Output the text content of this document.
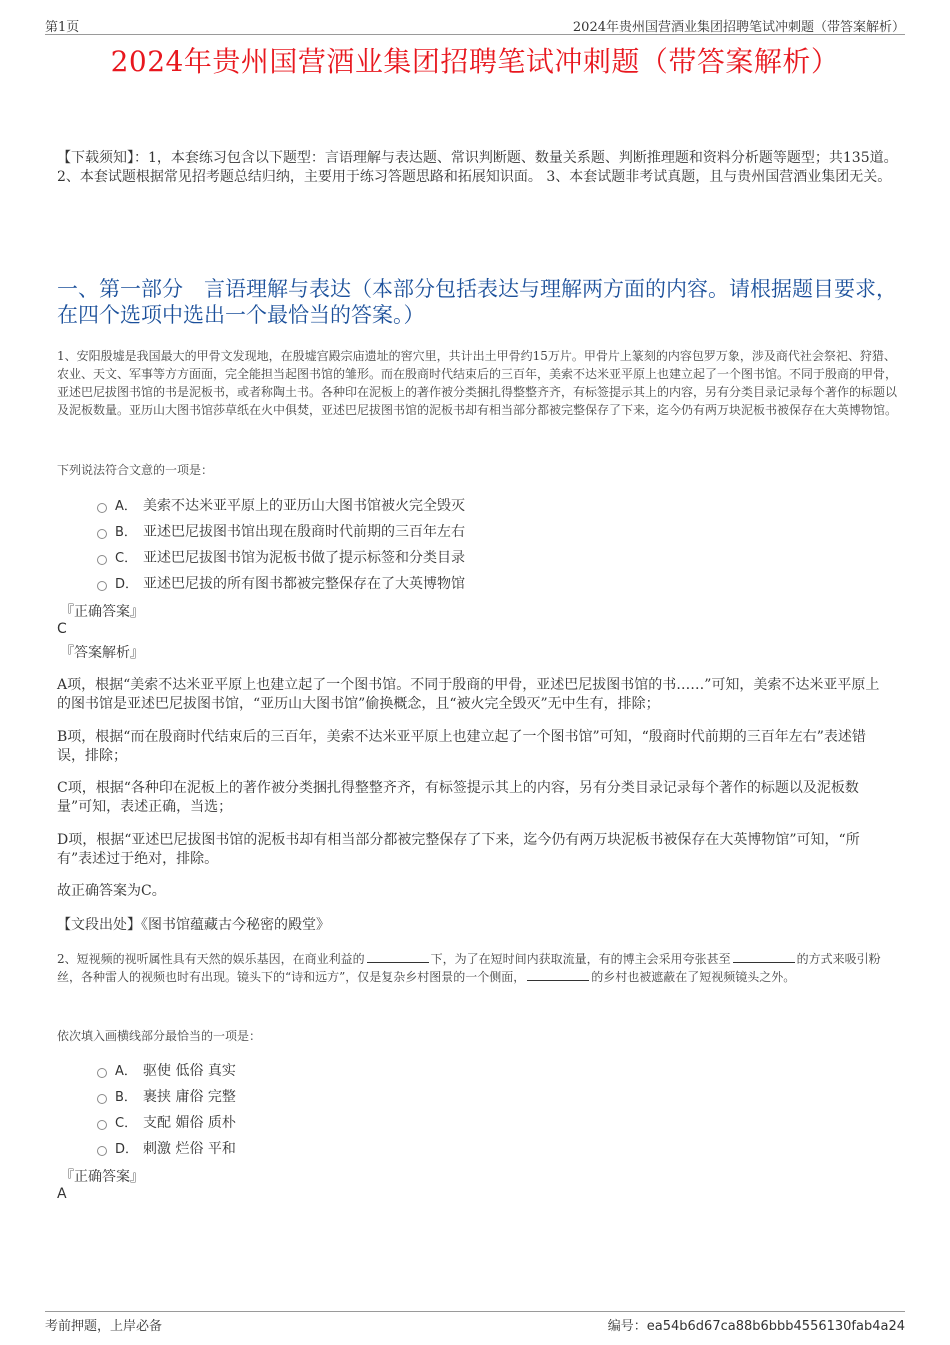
第1页	2024年贵州国营酒业集团招聘笔试冲刺题（带答案解析）
2024年贵州国营酒业集团招聘笔试冲刺题（带答案解析）
【下载须知】：1，本套练习包含以下题型：言语理解与表达题、常识判断题、数量关系题、判断推理题和资料分析题等题型；共135道。 2、本套试题根据常见招考题总结归纳，主要用于练习答题思路和拓展知识面。 3、本套试题非考试真题，且与贵州国营酒业集团无关。
一、第一部分　言语理解与表达（本部分包括表达与理解两方面的内容。请根据题目要求，在四个选项中选出一个最恰当的答案。）
1、安阳殷墟是我国最大的甲骨文发现地，在殷墟宫殿宗庙遗址的窖穴里，共计出土甲骨约15万片。甲骨片上篆刻的内容包罗万象，涉及商代社会祭祀、狩猎、农业、天文、军事等方方面面，完全能担当起图书馆的雏形。而在殷商时代结束后的三百年，美索不达米亚平原上也建立起了一个图书馆。不同于殷商的甲骨，亚述巴尼拔图书馆的书是泥板书，或者称陶土书。各种印在泥板上的著作被分类捆扎得整整齐齐，有标签提示其上的内容，另有分类目录记录每个著作的标题以及泥板数量。亚历山大图书馆莎草纸在火中俱焚，亚述巴尼拔图书馆的泥板书却有相当部分都被完整保存了下来，迄今仍有两万块泥板书被保存在大英博物馆。
下列说法符合文意的一项是：
A． 美索不达米亚平原上的亚历山大图书馆被火完全毁灭
B． 亚述巴尼拔图书馆出现在殷商时代前期的三百年左右
C． 亚述巴尼拔图书馆为泥板书做了提示标签和分类目录
D． 亚述巴尼拔的所有图书都被完整保存在了大英博物馆
『正确答案』
C
『答案解析』
A项，根据“美索不达米亚平原上也建立起了一个图书馆。不同于殷商的甲骨，亚述巴尼拔图书馆的书……”可知，美索不达米亚平原上的图书馆是亚述巴尼拔图书馆，“亚历山大图书馆”偷换概念，且“被火完全毁灭”无中生有，排除；
B项，根据“而在殷商时代结束后的三百年，美索不达米亚平原上也建立起了一个图书馆”可知，“殷商时代前期的三百年左右”表述错误，排除；
C项，根据“各种印在泥板上的著作被分类捆扎得整整齐齐，有标签提示其上的内容，另有分类目录记录每个著作的标题以及泥板数量”可知，表述正确，当选；
D项，根据“亚述巴尼拔图书馆的泥板书却有相当部分都被完整保存了下来，迄今仍有两万块泥板书被保存在大英博物馆”可知，“所有”表述过于绝对，排除。
故正确答案为C。
【文段出处】《图书馆蕴藏古今秘密的殿堂》
2、短视频的视听属性具有天然的娱乐基因，在商业利益的	下，为了在短时间内获取流量，有的博主会采用夸张甚至	的方式来吸引粉丝，各种雷人的视频也时有出现。镜头下的“诗和远方”，仅是复杂乡村图景的一个侧面，	的乡村也被遮蔽在了短视频镜头之外。
依次填入画横线部分最恰当的一项是：
A． 驱使 低俗 真实
B． 裹挟 庸俗 完整
C． 支配 媚俗 质朴
D． 刺激 烂俗 平和
『正确答案』
A
考前押题，上岸必备	编号：ea54b6d67ca88b6bbb4556130fab4a24
